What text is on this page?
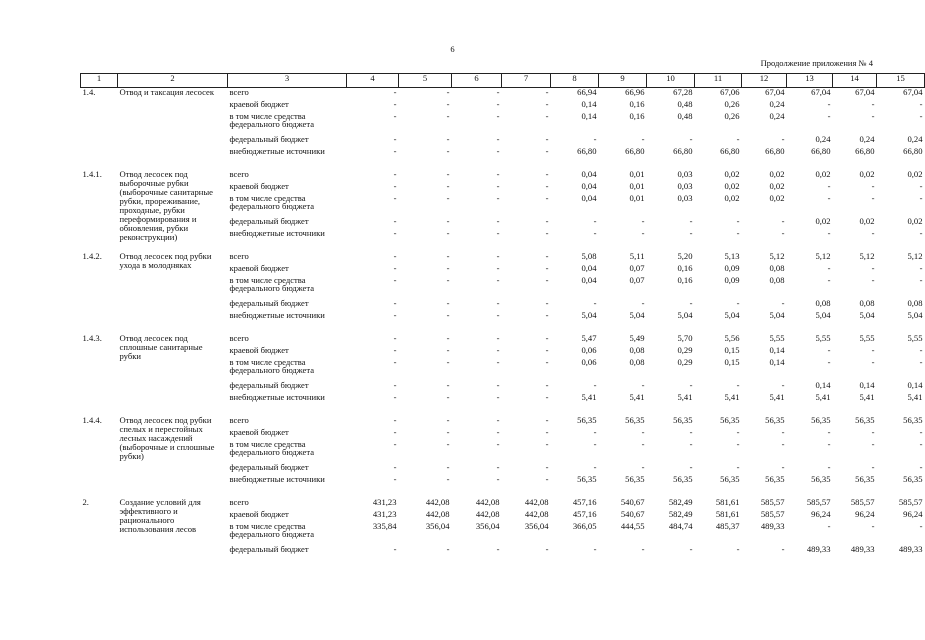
6
Продолжение приложения № 4
1	2	3	4	5	6	7	8	9	10	11	12	13	14	15
1.4.	Отвод и таксация лесосек	всего	-	-	-	-	66,94	66,96	67,28	67,06	67,04	67,04	67,04	67,04
		краевой бюджет	-	-	-	-	0,14	0,16	0,48	0,26	0,24	-	-	-
		в том числе средства федерального бюджета	-	-	-	-	0,14	0,16	0,48	0,26	0,24	-	-	-
		федеральный бюджет	-	-	-	-	-	-	-	-	-	0,24	0,24	0,24
		внебюджетные источники	-	-	-	-	66,80	66,80	66,80	66,80	66,80	66,80	66,80	66,80
1.4.1.	Отвод лесосек под выборочные рубки (выборочные санитарные рубки, прореживание, проходные, рубки переформирования и обновления, рубки реконструкции)	всего	-	-	-	-	0,04	0,01	0,03	0,02	0,02	0,02	0,02	0,02
		краевой бюджет	-	-	-	-	0,04	0,01	0,03	0,02	0,02	-	-	-
		в том числе средства федерального бюджета	-	-	-	-	0,04	0,01	0,03	0,02	0,02	-	-	-
		федеральный бюджет	-	-	-	-	-	-	-	-	-	0,02	0,02	0,02
		внебюджетные источники	-	-	-	-	-	-	-	-	-	-	-	-
1.4.2.	Отвод лесосек под рубки ухода в молодняках	всего	-	-	-	-	5,08	5,11	5,20	5,13	5,12	5,12	5,12	5,12
		краевой бюджет	-	-	-	-	0,04	0,07	0,16	0,09	0,08	-	-	-
		в том числе средства федерального бюджета	-	-	-	-	0,04	0,07	0,16	0,09	0,08	-	-	-
		федеральный бюджет	-	-	-	-	-	-	-	-	-	0,08	0,08	0,08
		внебюджетные источники	-	-	-	-	5,04	5,04	5,04	5,04	5,04	5,04	5,04	5,04
1.4.3.	Отвод лесосек под сплошные санитарные рубки	всего	-	-	-	-	5,47	5,49	5,70	5,56	5,55	5,55	5,55	5,55
		краевой бюджет	-	-	-	-	0,06	0,08	0,29	0,15	0,14	-	-	-
		в том числе средства федерального бюджета	-	-	-	-	0,06	0,08	0,29	0,15	0,14	-	-	-
		федеральный бюджет	-	-	-	-	-	-	-	-	-	0,14	0,14	0,14
		внебюджетные источники	-	-	-	-	5,41	5,41	5,41	5,41	5,41	5,41	5,41	5,41
1.4.4.	Отвод лесосек под рубки спелых и перестойных лесных насаждений (выборочные и сплошные рубки)	всего	-	-	-	-	56,35	56,35	56,35	56,35	56,35	56,35	56,35	56,35
		краевой бюджет	-	-	-	-	-	-	-	-	-	-	-	-
		в том числе средства федерального бюджета	-	-	-	-	-	-	-	-	-	-	-	-
		федеральный бюджет	-	-	-	-	-	-	-	-	-	-	-	-
		внебюджетные источники	-	-	-	-	56,35	56,35	56,35	56,35	56,35	56,35	56,35	56,35
2.	Создание условий для эффективного и рационального использования лесов	всего	431,23	442,08	442,08	442,08	457,16	540,67	582,49	581,61	585,57	585,57	585,57	585,57
		краевой бюджет	431,23	442,08	442,08	442,08	457,16	540,67	582,49	581,61	585,57	96,24	96,24	96,24
		в том числе средства федерального бюджета	335,84	356,04	356,04	356,04	366,05	444,55	484,74	485,37	489,33	-	-	-
		федеральный бюджет	-	-	-	-	-	-	-	-	-	489,33	489,33	489,33
